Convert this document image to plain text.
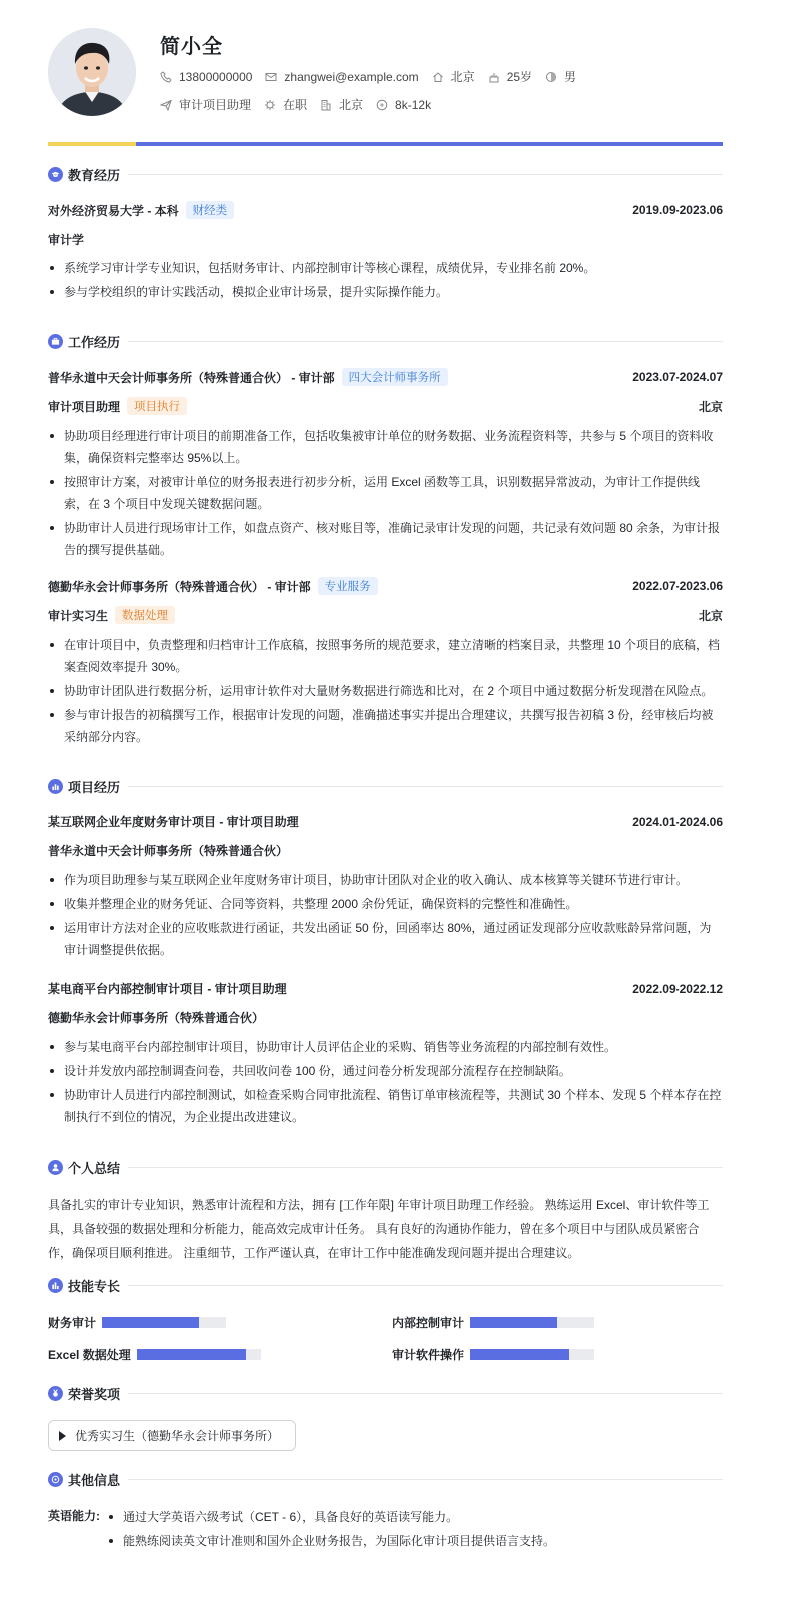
简小全
13800000000	zhangwei@example.com	北京	25岁	男
审计项目助理	在职	北京	8k-12k
教育经历
对外经济贸易大学 - 本科	财经类	2019.09-2023.06
审计学
系统学习审计学专业知识，包括财务审计、内部控制审计等核心课程，成绩优异，专业排名前 20%。
参与学校组织的审计实践活动，模拟企业审计场景，提升实际操作能力。
工作经历
普华永道中天会计师事务所（特殊普通合伙） - 审计部	四大会计师事务所	2023.07-2024.07
审计项目助理	项目执行	北京
协助项目经理进行审计项目的前期准备工作，包括收集被审计单位的财务数据、业务流程资料等，共参与 5 个项目的资料收集，确保资料完整率达 95%以上。
按照审计方案，对被审计单位的财务报表进行初步分析，运用 Excel 函数等工具，识别数据异常波动，为审计工作提供线索，在 3 个项目中发现关键数据问题。
协助审计人员进行现场审计工作，如盘点资产、核对账目等，准确记录审计发现的问题，共记录有效问题 80 余条，为审计报告的撰写提供基础。
德勤华永会计师事务所（特殊普通合伙） - 审计部	专业服务	2022.07-2023.06
审计实习生	数据处理	北京
在审计项目中，负责整理和归档审计工作底稿，按照事务所的规范要求，建立清晰的档案目录，共整理 10 个项目的底稿，档案查阅效率提升 30%。
协助审计团队进行数据分析，运用审计软件对大量财务数据进行筛选和比对，在 2 个项目中通过数据分析发现潜在风险点。
参与审计报告的初稿撰写工作，根据审计发现的问题，准确描述事实并提出合理建议，共撰写报告初稿 3 份，经审核后均被采纳部分内容。
项目经历
某互联网企业年度财务审计项目 - 审计项目助理	2024.01-2024.06
普华永道中天会计师事务所（特殊普通合伙）
作为项目助理参与某互联网企业年度财务审计项目，协助审计团队对企业的收入确认、成本核算等关键环节进行审计。
收集并整理企业的财务凭证、合同等资料，共整理 2000 余份凭证，确保资料的完整性和准确性。
运用审计方法对企业的应收账款进行函证，共发出函证 50 份，回函率达 80%，通过函证发现部分应收款账龄异常问题，为审计调整提供依据。
某电商平台内部控制审计项目 - 审计项目助理	2022.09-2022.12
德勤华永会计师事务所（特殊普通合伙）
参与某电商平台内部控制审计项目，协助审计人员评估企业的采购、销售等业务流程的内部控制有效性。
设计并发放内部控制调查问卷，共回收问卷 100 份，通过问卷分析发现部分流程存在控制缺陷。
协助审计人员进行内部控制测试，如检查采购合同审批流程、销售订单审核流程等，共测试 30 个样本、发现 5 个样本存在控制执行不到位的情况，为企业提出改进建议。
个人总结
具备扎实的审计专业知识，熟悉审计流程和方法，拥有 [工作年限] 年审计项目助理工作经验。 熟练运用 Excel、审计软件等工具，具备较强的数据处理和分析能力，能高效完成审计任务。 具有良好的沟通协作能力，曾在多个项目中与团队成员紧密合作，确保项目顺利推进。 注重细节，工作严谨认真，在审计工作中能准确发现问题并提出合理建议。
技能专长
财务审计	内部控制审计
Excel 数据处理	审计软件操作
荣誉奖项
优秀实习生（德勤华永会计师事务所）
其他信息
英语能力:	通过大学英语六级考试（CET - 6），具备良好的英语读写能力。
能熟练阅读英文审计准则和国外企业财务报告，为国际化审计项目提供语言支持。
